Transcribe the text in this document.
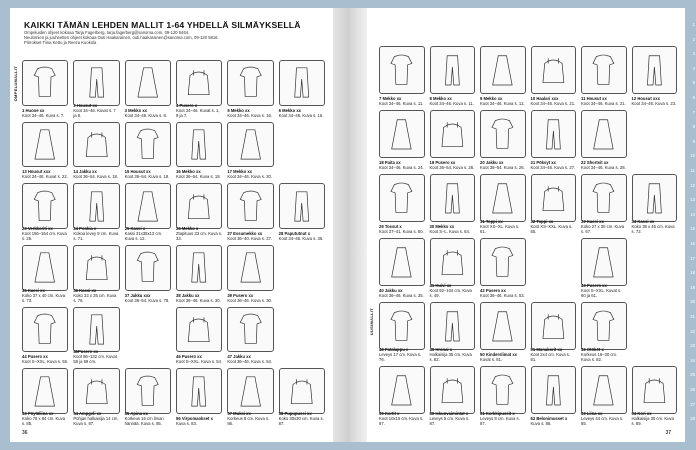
KAIKKI TÄMÄN LEHDEN MALLIT 1-64 YHDELLÄ SILMÄYKSELLÄ

Ompeluiden ohjeet kokoaa Tarja Fagerberg, tarja.fagerberg@sanoma.com, 09-120 5464.

Neulomien ja juuheetten ohjeet kokoaa Outi Haakarainen, outi.haakarainen@sanoma.com, 09-120 5816.

Piirrokset Tiina Kettu ja Reeza Kuokola

OMPELUMALLIT
1 Huone xx
Koot 34–46. Kuva s. 7.
2 Housut xx
Koot 34–46. Kuvat s. 7 ja 8.
3 Mekko xx
Koot 34–46. Kuva s. 8.
4 Pusero x
Koot 34–46. Kuvat s. 1, 9 ja 7.
5 Mekko xx
Koot 34–46. Kuva s. 16.
6 Mekko xx
Koot 34–46. Kuva s. 16.
13 Housut xxx
Koot 34–46. Kuvat s. 22.
14 Jakku xx
Koot 36–54. Kuva s. 18.
15 Housut xx
Koot 36–54. Kuva s. 18.
16 Mekko xx
Koot 36–54. Kuva s. 18.
17 Mekko xx
Koot 34–46. Kuva s. 20.

23 Verkkoriti xx
Koot 156–164 cm. Kuva s. 26.
24 Ponkia x
Kokoa levey 9 cm. Kuva s. 71.
25 Kassi x
Kassi 31x38x13 cm. Kuva s. 12.
26 Mekko x
Ztapituus 33 cm. Kuva s. 33.
27 Essumekko xx
Koot 36–40. Kuva s. 27.
28 Papututnut x
Koot 34–46. Kuva s. 36.
35 Kassi xx
Koko 37 x 40 cm. Kuva s. 73.
36 Kassi xx
Koko 33 x 35 cm. Kuva s. 76.
37 Jakku xxx
Koot 36–54. Kuva s. 78.
38 Jakku xx
Koot 36–46. Kuva s. 30.
39 Pusero xx
Koot 36–46. Kuva s. 30.

44 Pusero xx
Koot S–XXL. Kuva s. 56.
45Pusero xx
Koot 96–132 cm. Kuvat 58 ja 59 cm.

46 Pusero xx
Koot S–XXL. Kuva s. 54.
47 Jakku xx
Koot 36–46. Kuva s. 54.

53 Pöytäliina xx
Koko 76 x 84 cm. Kuva s. 85.
54 Ampgeli xx
Pohjan halkaisija 14 cm. Kuva s. 87.
55 Apina xx
Korkeus 16 cm ilman hännää. Kuva s. 85.
56 Virpomaokset x
Kuva s. 83.
57 Muksi xx
Korkeus 8 cm. Kuva s. 86.
58 Pupupussi xx
Koko 30x30 cm. Kuva s. 87.
36
UUSIMALLIT
7 Mekko xx
Koot 34–46. Kuva s. 11.
8 Mekko xx
Koot 34–46. Kuva s. 11.
9 Mekko xx
Koot 34–46. Kuva s. 12.
10 Haalari xxx
Koot 34–46. Kuva s. 21.
11 Housut xx
Koot 34–46. Kuva s. 21.
12 Housut xxx
Koot 34–46. Kuva s. 23.
18 Paita xx
Koot 34–46. Kuva s. 24.
19 Pusero xx
Koot 36–54. Kuva s. 26.
20 Jakku xx
Koot 36–54. Kuva s. 26.
21 Pöksyt xx
Koot 34–46. Kuva s. 27.
22 Shortsit xx
Koot 34–46. Kuva s. 28.

29 Tossut x
Koot 37–41. Kuva s. 60.
30 Mekko xx
Koot S–L. Kuva s. 64.
31 Toppi xx
Koot XS–XL. Kuva s. 61.
32 Toppi xx
Koot XS–XXL. Kuva s. 65.
33 Kassi xx
Koko 27 x 30 cm. Kuva s. 67.
34 Kassi xx
Koko 38 x 46 cm. Kuva s. 72.
40 Jakku xx
Koot 36–46. Kuva s. 35.
41 Huivi xx
Koot 92–104 cm. Kuva s. 49.
42 Pusero xx
Koot 36–46. Kuva s. 53.

43 Pusero xx
Koot S–XXL. Kuvat s. 60 ja 61.

48 Patalappu x
Leveys 17 cm. Kuva s. 76.
49 Hronai x
Halkaisija 35 cm. Kuva s. 82.
50 Kinderslimat xx
Kuvat s. 81.
51 Munakorit xx
Koot 2x4 cm. Kuva s. 81.
52 Otököt x
Korkeus 16–30 cm. Kuva s. 82.

59 Kortit x
Koot 10x15 cm. Kuva s. 87.
60 Iskunvaimintat x
Leveys 5 cm. Kuva s. 87.
61 Korkkipussit x
Leveys 8 cm. Kuva s. 87.
62 Belonimusset x
Kuva s. 88.
63 Liina xx
Leveys 44 cm. Kuva s. 85.
64 Kori xx
Halkaisija 30 cm. Kuva s. 89.
37
1
2
3
4
5
6
7
8
9
10
11
12
13
14
15
16
17
18
19
20
21
22
23
24
25
26
27
28
